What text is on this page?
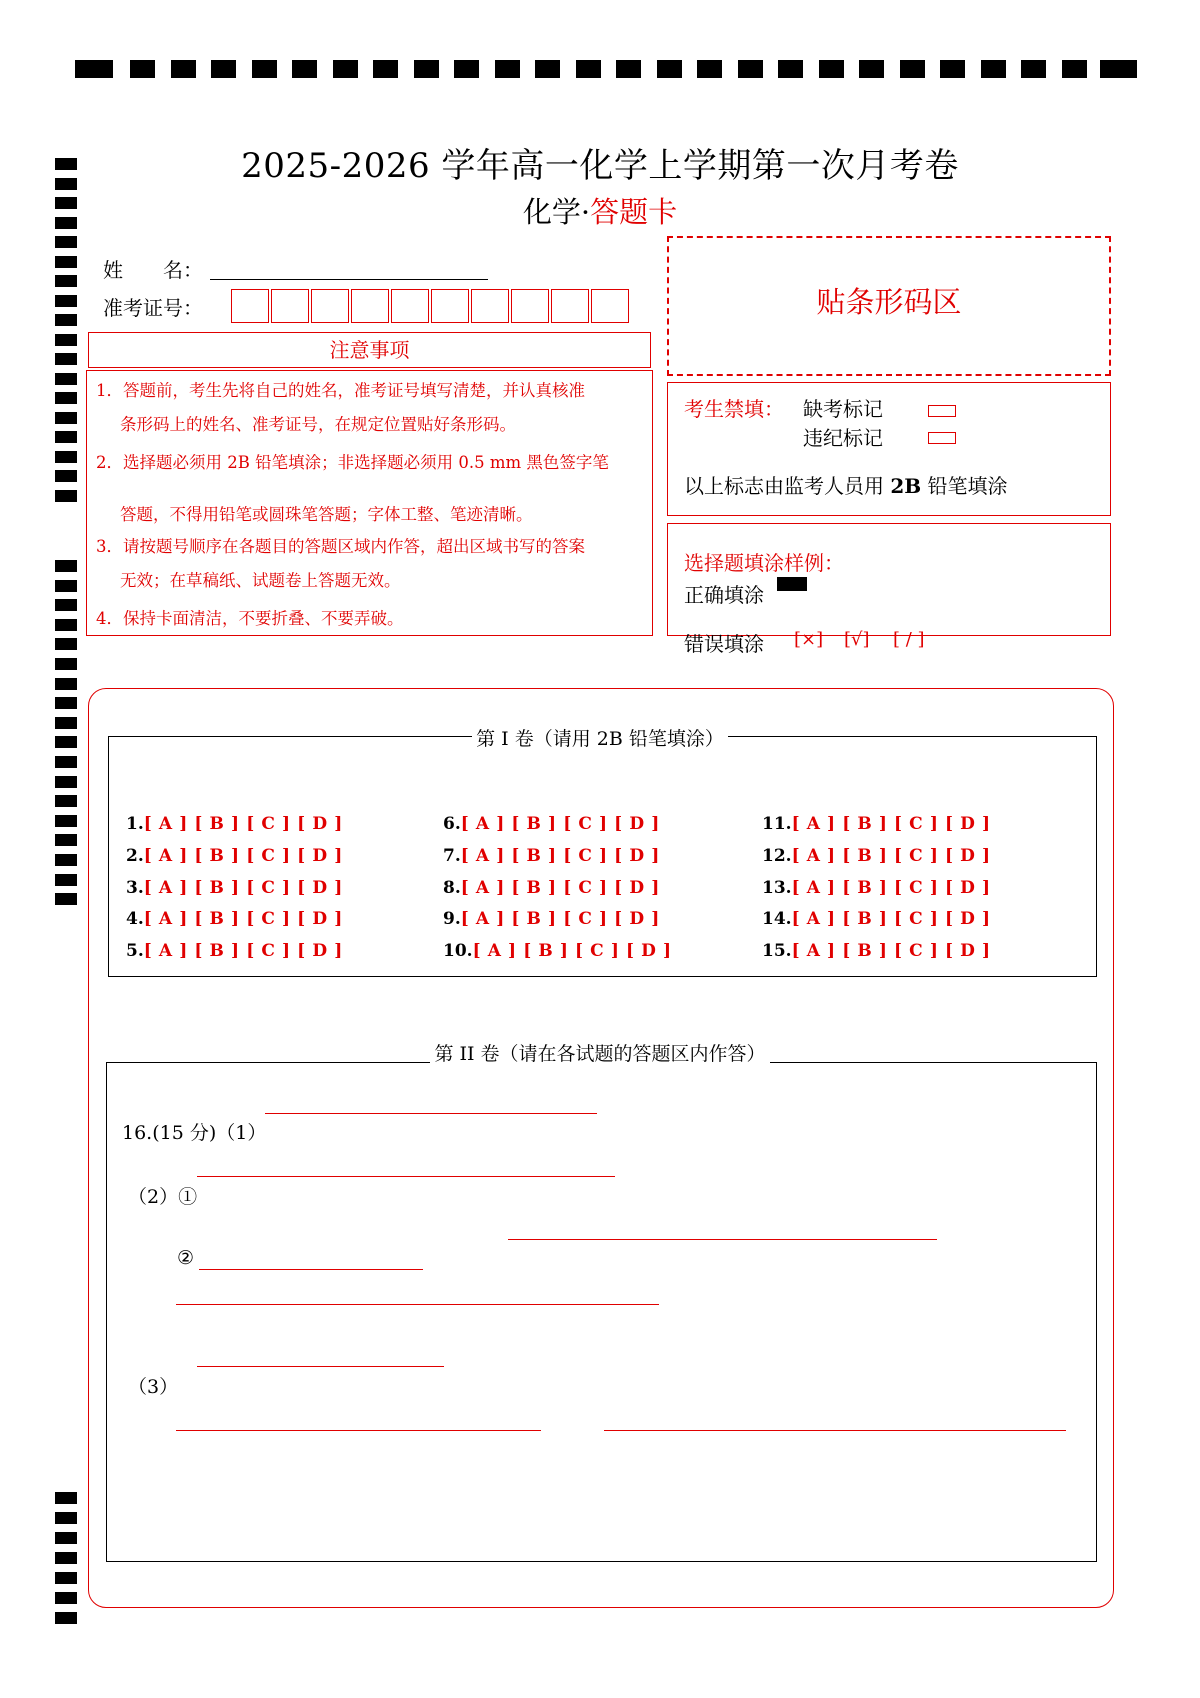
2025-2026 学年高一化学上学期第一次月考卷
化学·答题卡
姓　　名：
准考证号：
注意事项
1．答题前，考生先将自己的姓名，准考证号填写清楚，并认真核准
条形码上的姓名、准考证号，在规定位置贴好条形码。
2．选择题必须用 2B 铅笔填涂；非选择题必须用 0.5 mm 黑色签字笔
答题，不得用铅笔或圆珠笔答题；字体工整、笔迹清晰。
3．请按题号顺序在各题目的答题区域内作答，超出区域书写的答案
无效；在草稿纸、试题卷上答题无效。
4．保持卡面清洁，不要折叠、不要弄破。
贴条形码区
考生禁填： 缺考标记
违纪标记
以上标志由监考人员用 2B 铅笔填涂
选择题填涂样例：
正确填涂
错误填涂 [×] [√] [ / ]
第 I 卷（请用 2B 铅笔填涂）
1.[ A ] [ B ] [ C ] [ D ]
2.[ A ] [ B ] [ C ] [ D ]
3.[ A ] [ B ] [ C ] [ D ]
4.[ A ] [ B ] [ C ] [ D ]
5.[ A ] [ B ] [ C ] [ D ]
6.[ A ] [ B ] [ C ] [ D ]
7.[ A ] [ B ] [ C ] [ D ]
8.[ A ] [ B ] [ C ] [ D ]
9.[ A ] [ B ] [ C ] [ D ]
10.[ A ] [ B ] [ C ] [ D ]
11.[ A ] [ B ] [ C ] [ D ]
12.[ A ] [ B ] [ C ] [ D ]
13.[ A ] [ B ] [ C ] [ D ]
14.[ A ] [ B ] [ C ] [ D ]
15.[ A ] [ B ] [ C ] [ D ]
第 II 卷（请在各试题的答题区内作答）
16.(15 分)（1）
（2）①
②
（3）
